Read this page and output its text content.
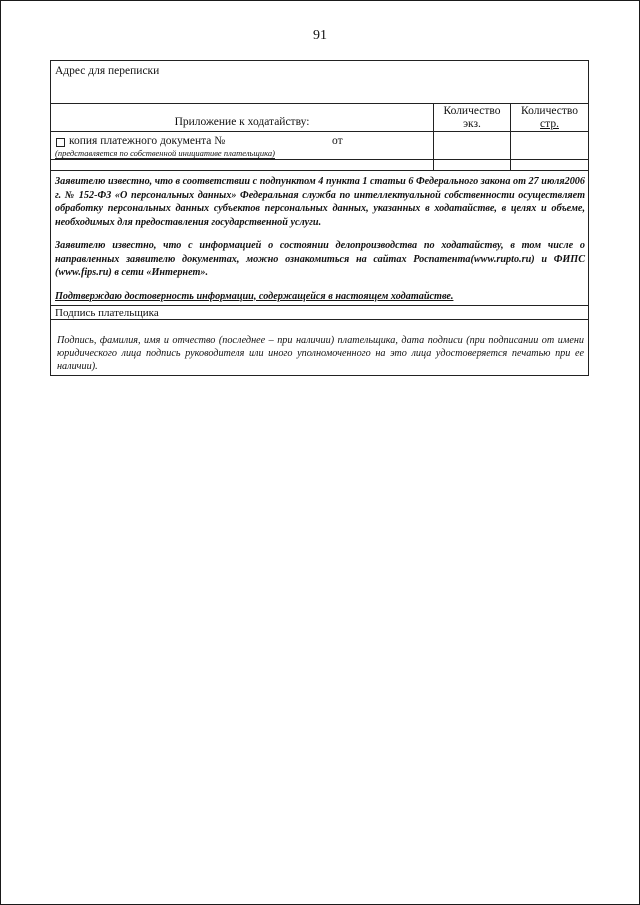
91
Адрес для переписки
Приложение к ходатайству:
Количество
экз.
Количество
стр.
копия платежного документа №	от
(представляется по собственной инициативе плательщика)

Заявителю известно, что в соответствии с подпунктом 4 пункта 1 статьи 6 Федерального закона от 27 июля2006 г. № 152-ФЗ «О персональных данных» Федеральная служба по интеллектуальной собственности осуществляет обработку персональных данных субъектов персональных данных, указанных в ходатайстве, в целях и объеме, необходимых для предоставления государственной услуги.

Заявителю известно, что с информацией о состоянии делопроизводства по ходатайству, в том числе о направленных заявителю документах, можно ознакомиться на сайтах Роспатента(www.rupto.ru) и ФИПС (www.fips.ru) в сети «Интернет».

Подтверждаю достоверность информации, содержащейся в настоящем ходатайстве.

Подпись плательщика

Подпись, фамилия, имя и отчество (последнее – при наличии) плательщика, дата подписи (при подписании от имени юридического лица подпись руководителя или иного уполномоченного на это лица удостоверяется печатью при ее наличии).
